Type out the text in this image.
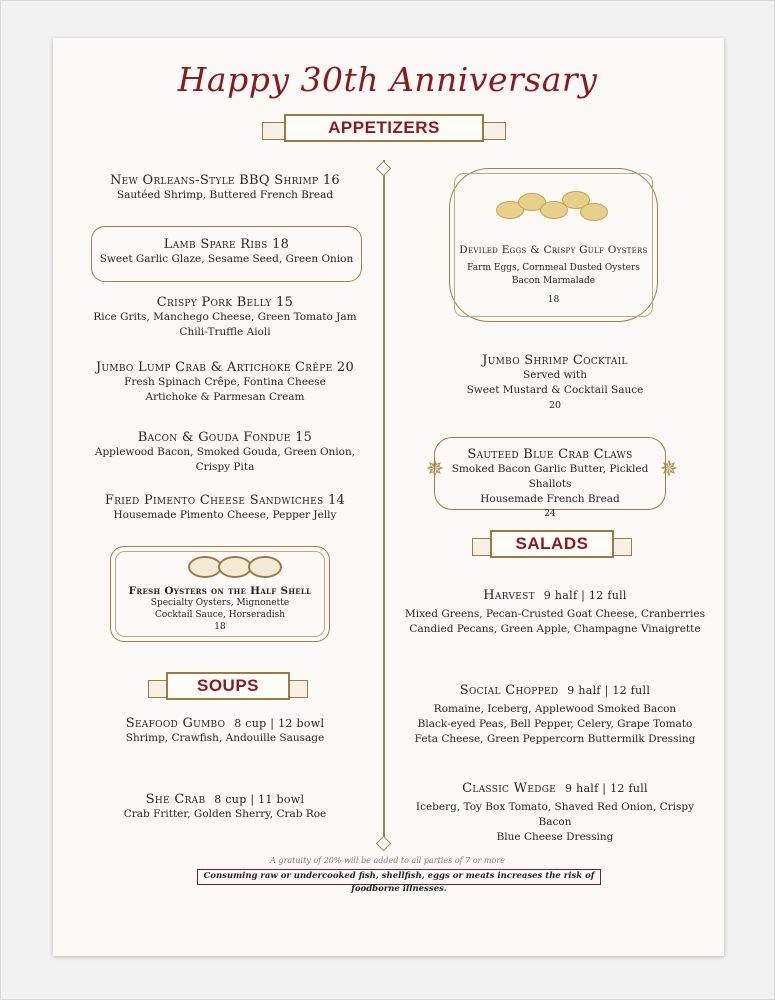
Happy 30th Anniversary
APPETIZERS
New Orleans-Style BBQ Shrimp 16
Sautéed Shrimp, Buttered French Bread
Lamb Spare Ribs 18
Sweet Garlic Glaze, Sesame Seed, Green Onion
Crispy Pork Belly 15
Rice Grits, Manchego Cheese, Green Tomato Jam
Chili-Truffle Aioli
Jumbo Lump Crab & Artichoke Crêpe 20
Fresh Spinach Crêpe, Fontina Cheese
Artichoke & Parmesan Cream
Bacon & Gouda Fondue 15
Applewood Bacon, Smoked Gouda, Green Onion, Crispy Pita
Fried Pimento Cheese Sandwiches 14
Housemade Pimento Cheese, Pepper Jelly
Fresh Oysters on the Half Shell
Specialty Oysters, Mignonette
Cocktail Sauce, Horseradish
18
SOUPS
Seafood Gumbo 8 cup | 12 bowl
Shrimp, Crawfish, Andouille Sausage
She Crab 8 cup | 11 bowl
Crab Fritter, Golden Sherry, Crab Roe
Deviled Eggs & Crispy Gulf Oysters
Farm Eggs, Cornmeal Dusted Oysters
Bacon Marmalade
18
Jumbo Shrimp Cocktail
Served with
Sweet Mustard & Cocktail Sauce
20
✵	✵
Sauteed Blue Crab Claws
Smoked Bacon Garlic Butter, Pickled Shallots
Housemade French Bread
24
SALADS
Harvest 9 half | 12 full
Mixed Greens, Pecan-Crusted Goat Cheese, Cranberries
Candied Pecans, Green Apple, Champagne Vinaigrette
Social Chopped 9 half | 12 full
Romaine, Iceberg, Applewood Smoked Bacon
Black-eyed Peas, Bell Pepper, Celery, Grape Tomato
Feta Cheese, Green Peppercorn Buttermilk Dressing
Classic Wedge 9 half | 12 full
Iceberg, Toy Box Tomato, Shaved Red Onion, Crispy Bacon
Blue Cheese Dressing
A gratuity of 20% will be added to all parties of 7 or more
Consuming raw or undercooked fish, shellfish, eggs or meats increases the risk of foodborne illnesses.
